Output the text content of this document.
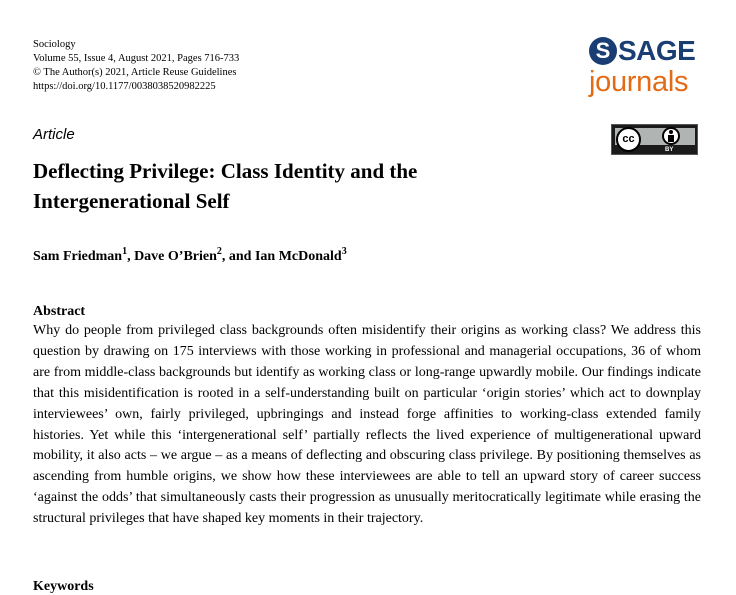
Sociology
Volume 55, Issue 4, August 2021, Pages 716-733
© The Author(s) 2021, Article Reuse Guidelines
https://doi.org/10.1177/0038038520982225
S SAGE
journals
cc
BY
Article
Deflecting Privilege: Class Identity and the Intergenerational Self
Sam Friedman$^1$, Dave O’Brien$^2$, and Ian McDonald$^3$
Abstract

Why do people from privileged class backgrounds often misidentify their origins as working class? We address this question by drawing on 175 interviews with those working in professional and managerial occupations, 36 of whom are from middle-class backgrounds but identify as working class or long-range upwardly mobile. Our findings indicate that this misidentification is rooted in a self-understanding built on particular ‘origin stories’ which act to downplay interviewees’ own, fairly privileged, upbringings and instead forge affinities to working-class extended family histories. Yet while this ‘intergenerational self’ partially reflects the lived experience of multigenerational upward mobility, it also acts – we argue – as a means of deflecting and obscuring class privilege. By positioning themselves as ascending from humble origins, we show how these interviewees are able to tell an upward story of career success ‘against the odds’ that simultaneously casts their progression as unusually meritocratically legitimate while erasing the structural privileges that have shaped key moments in their trajectory.

Keywords
